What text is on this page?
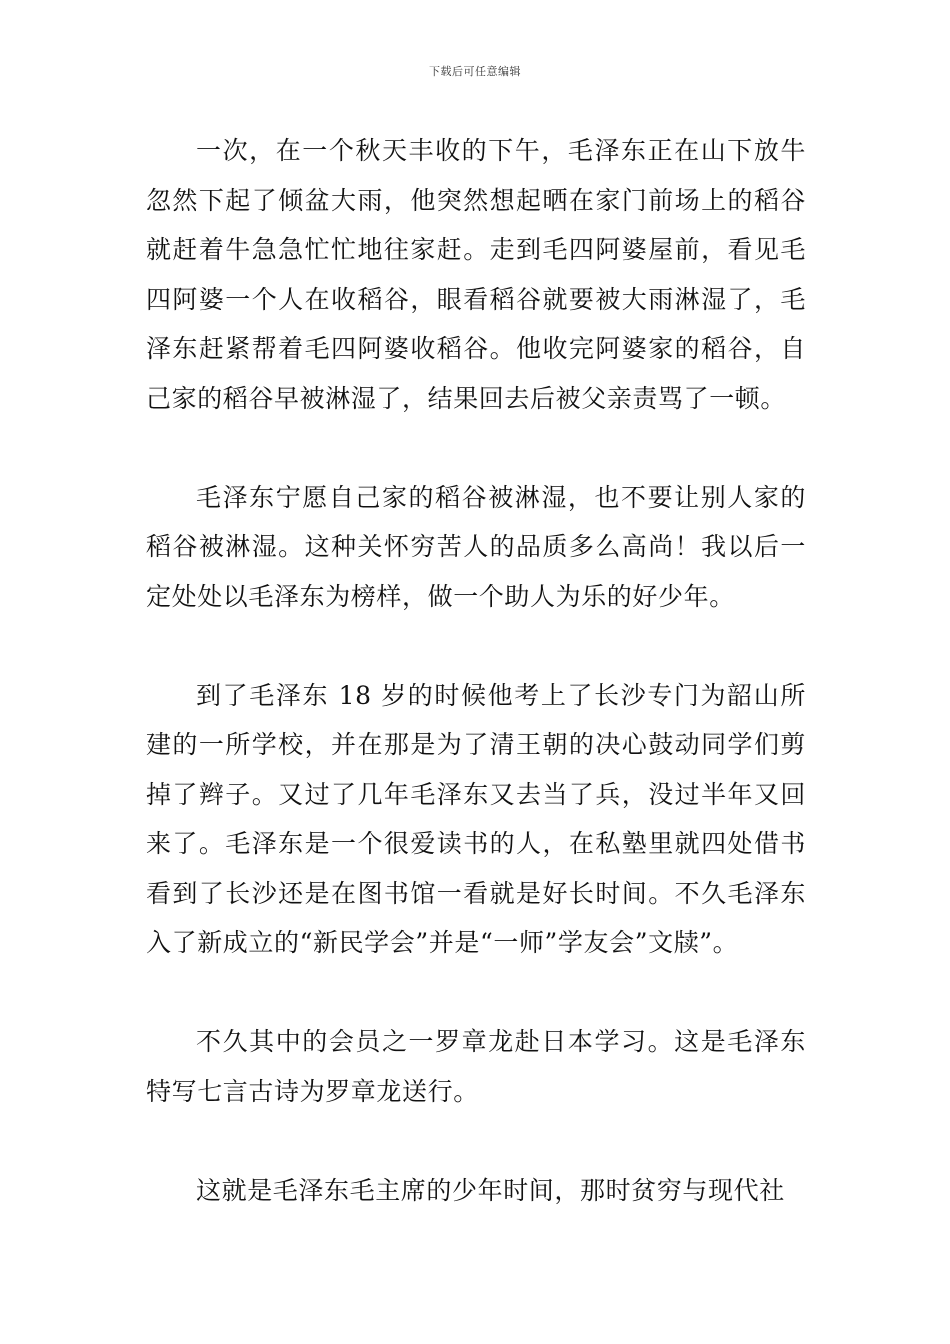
下载后可任意编辑

一次，在一个秋天丰收的下午，毛泽东正在山下放牛忽然下起了倾盆大雨，他突然想起晒在家门前场上的稻谷就赶着牛急急忙忙地往家赶。走到毛四阿婆屋前，看见毛四阿婆一个人在收稻谷，眼看稻谷就要被大雨淋湿了，毛泽东赶紧帮着毛四阿婆收稻谷。他收完阿婆家的稻谷，自己家的稻谷早被淋湿了，结果回去后被父亲责骂了一顿。

毛泽东宁愿自己家的稻谷被淋湿，也不要让别人家的稻谷被淋湿。这种关怀穷苦人的品质多么高尚！我以后一定处处以毛泽东为榜样，做一个助人为乐的好少年。

到了毛泽东 18 岁的时候他考上了长沙专门为韶山所建的一所学校，并在那是为了清王朝的决心鼓动同学们剪掉了辫子。又过了几年毛泽东又去当了兵，没过半年又回来了。毛泽东是一个很爱读书的人，在私塾里就四处借书看到了长沙还是在图书馆一看就是好长时间。不久毛泽东入了新成立的“新民学会”并是“一师”学友会”文牍”。

不久其中的会员之一罗章龙赴日本学习。这是毛泽东特写七言古诗为罗章龙送行。

这就是毛泽东毛主席的少年时间，那时贫穷与现代社
